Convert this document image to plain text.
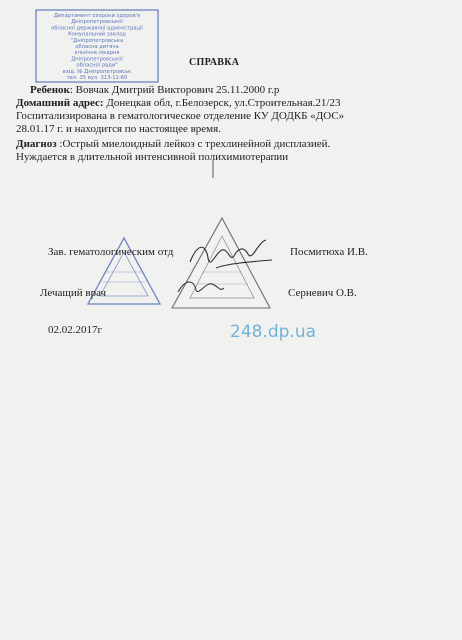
Департамент охорони здоров'я
Дніпропетровської
обласної державної адміністрації
Комунальний заклад
"Дніпропетровська
обласна дитяча
клінічна лікарня
Дніпропетровської
обласної ради"
вхід. № Дніпропетровськ
тел. 35 вул. 313-11-60
СПРАВКА
Ребенок: Вовчак Дмитрий Викторович 25.11.2000 г.р
Домашний адрес: Донецкая обл, г.Белозерск, ул.Строительная.21/23
Госпитализирована в гематологическое отделение КУ ДОДКБ «ДОС»
28.01.17 г. и находится по настоящее время.
Диагноз :Острый миелоидный лейкоз с трехлинейной дисплазией.
Нуждается в длительной интенсивной полихимиотерапии
Зав. гематологическим отд	Посмитюха И.В.
Лечащий врач	Серневич О.В.
02.02.2017г	248.dp.ua
